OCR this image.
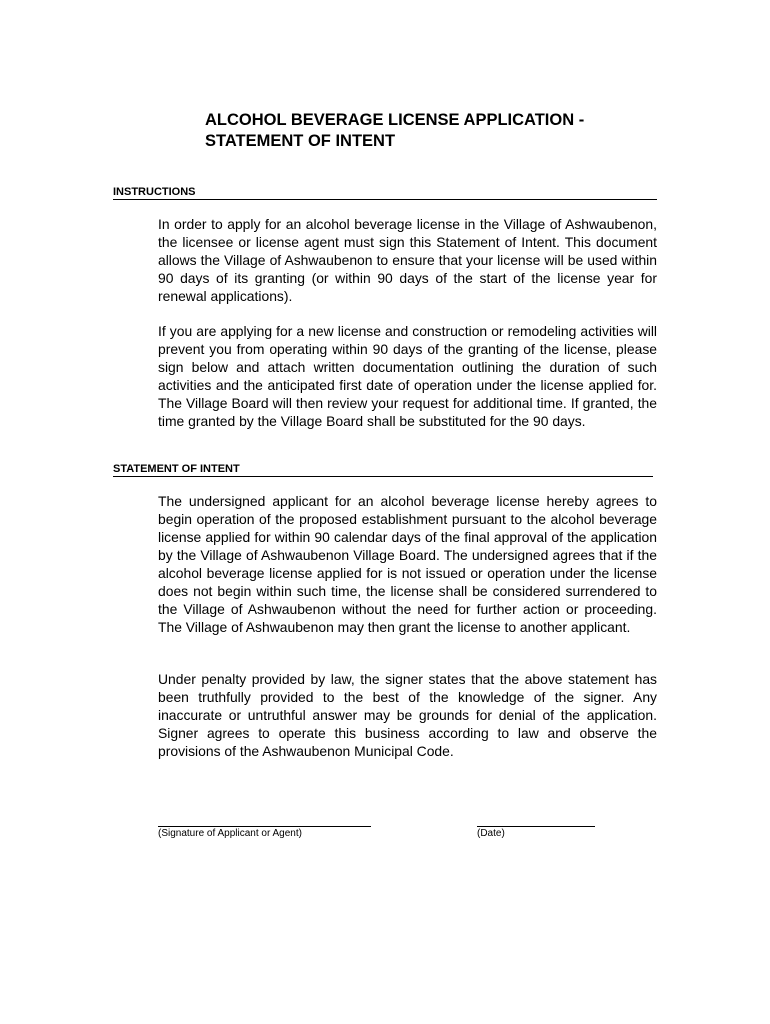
ALCOHOL BEVERAGE LICENSE APPLICATION -
STATEMENT OF INTENT
INSTRUCTIONS

In order to apply for an alcohol beverage license in the Village of Ashwaubenon, the licensee or license agent must sign this Statement of Intent. This document allows the Village of Ashwaubenon to ensure that your license will be used within 90 days of its granting (or within 90 days of the start of the license year for renewal applications).

If you are applying for a new license and construction or remodeling activities will prevent you from operating within 90 days of the granting of the license, please sign below and attach written documentation outlining the duration of such activities and the anticipated first date of operation under the license applied for. The Village Board will then review your request for additional time. If granted, the time granted by the Village Board shall be substituted for the 90 days.

STATEMENT OF INTENT

The undersigned applicant for an alcohol beverage license hereby agrees to begin operation of the proposed establishment pursuant to the alcohol beverage license applied for within 90 calendar days of the final approval of the application by the Village of Ashwaubenon Village Board. The undersigned agrees that if the alcohol beverage license applied for is not issued or operation under the license does not begin within such time, the license shall be considered surrendered to the Village of Ashwaubenon without the need for further action or proceeding. The Village of Ashwaubenon may then grant the license to another applicant.

Under penalty provided by law, the signer states that the above statement has been truthfully provided to the best of the knowledge of the signer. Any inaccurate or untruthful answer may be grounds for denial of the application. Signer agrees to operate this business according to law and observe the provisions of the Ashwaubenon Municipal Code.

(Signature of Applicant or Agent)	(Date)
